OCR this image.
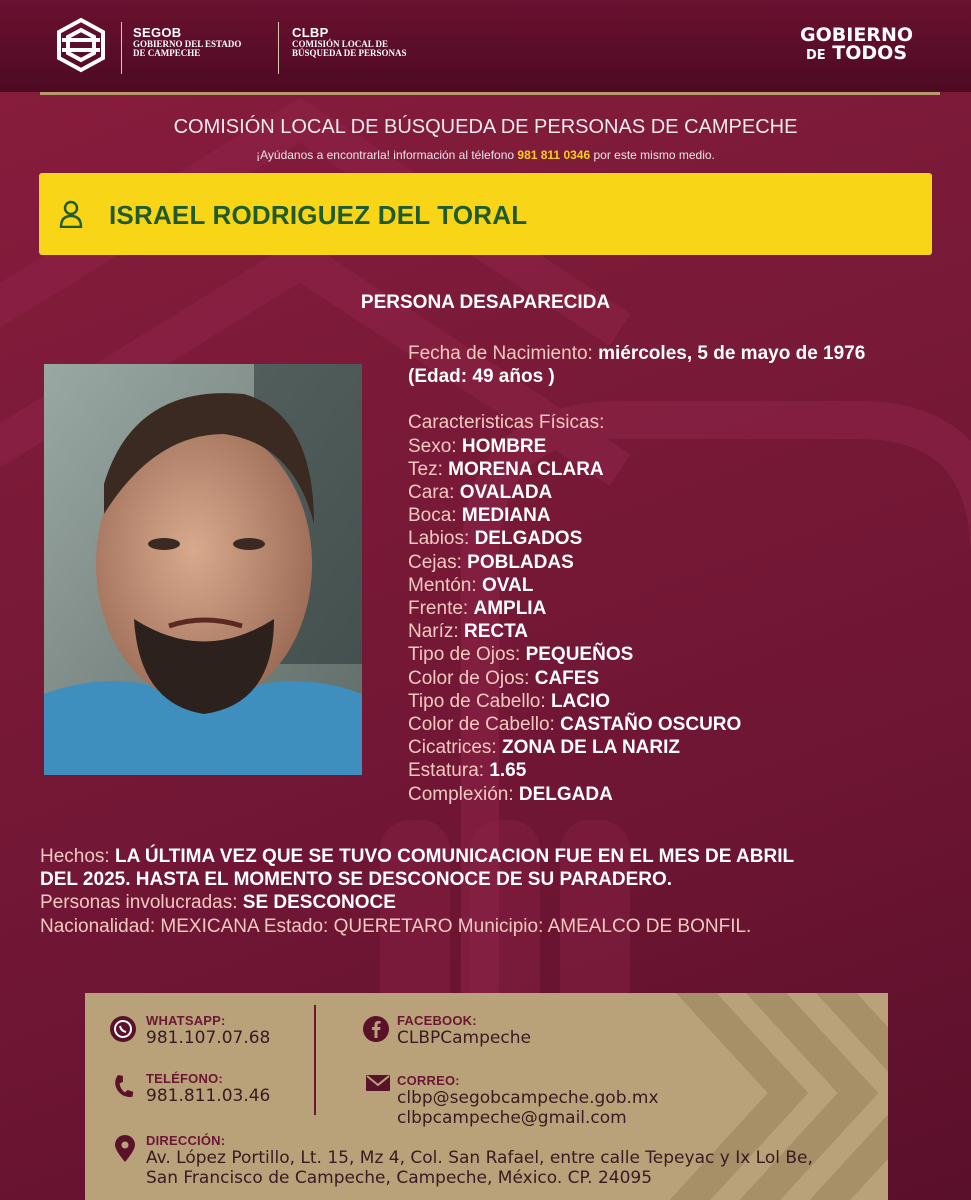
SEGOB
GOBIERNO DEL ESTADO
DE CAMPECHE
CLBP
COMISIÓN LOCAL DE
BÚSQUEDA DE PERSONAS
GOBIERNO
DE TODOS
COMISIÓN LOCAL DE BÚSQUEDA DE PERSONAS DE CAMPECHE
¡Ayúdanos a encontrarla! información al télefono 981 811 0346 por este mismo medio.
ISRAEL RODRIGUEZ DEL TORAL
PERSONA DESAPARECIDA
Fecha de Nacimiento: miércoles, 5 de mayo de 1976
(Edad: 49 años )
Caracteristicas Físicas:
Sexo: HOMBRE
Tez: MORENA CLARA
Cara: OVALADA
Boca: MEDIANA
Labios: DELGADOS
Cejas: POBLADAS
Mentón: OVAL
Frente: AMPLIA
Naríz: RECTA
Tipo de Ojos: PEQUEÑOS
Color de Ojos: CAFES
Tipo de Cabello: LACIO
Color de Cabello: CASTAÑO OSCURO
Cicatrices: ZONA DE LA NARIZ
Estatura: 1.65
Complexión: DELGADA
Hechos: LA ÚLTIMA VEZ QUE SE TUVO COMUNICACION FUE EN EL MES DE ABRIL
DEL 2025. HASTA EL MOMENTO SE DESCONOCE DE SU PARADERO.
Personas involucradas: SE DESCONOCE
Nacionalidad: MEXICANA Estado: QUERETARO Municipio: AMEALCO DE BONFIL.
WHATSAPP:
981.107.07.68
TELÉFONO:
981.811.03.46
FACEBOOK:
CLBPCampeche
CORREO:
clbp@segobcampeche.gob.mx
clbpcampeche@gmail.com
DIRECCIÓN:
Av. López Portillo, Lt. 15, Mz 4, Col. San Rafael, entre calle Tepeyac y Ix Lol Be,
San Francisco de Campeche, Campeche, México. CP. 24095
